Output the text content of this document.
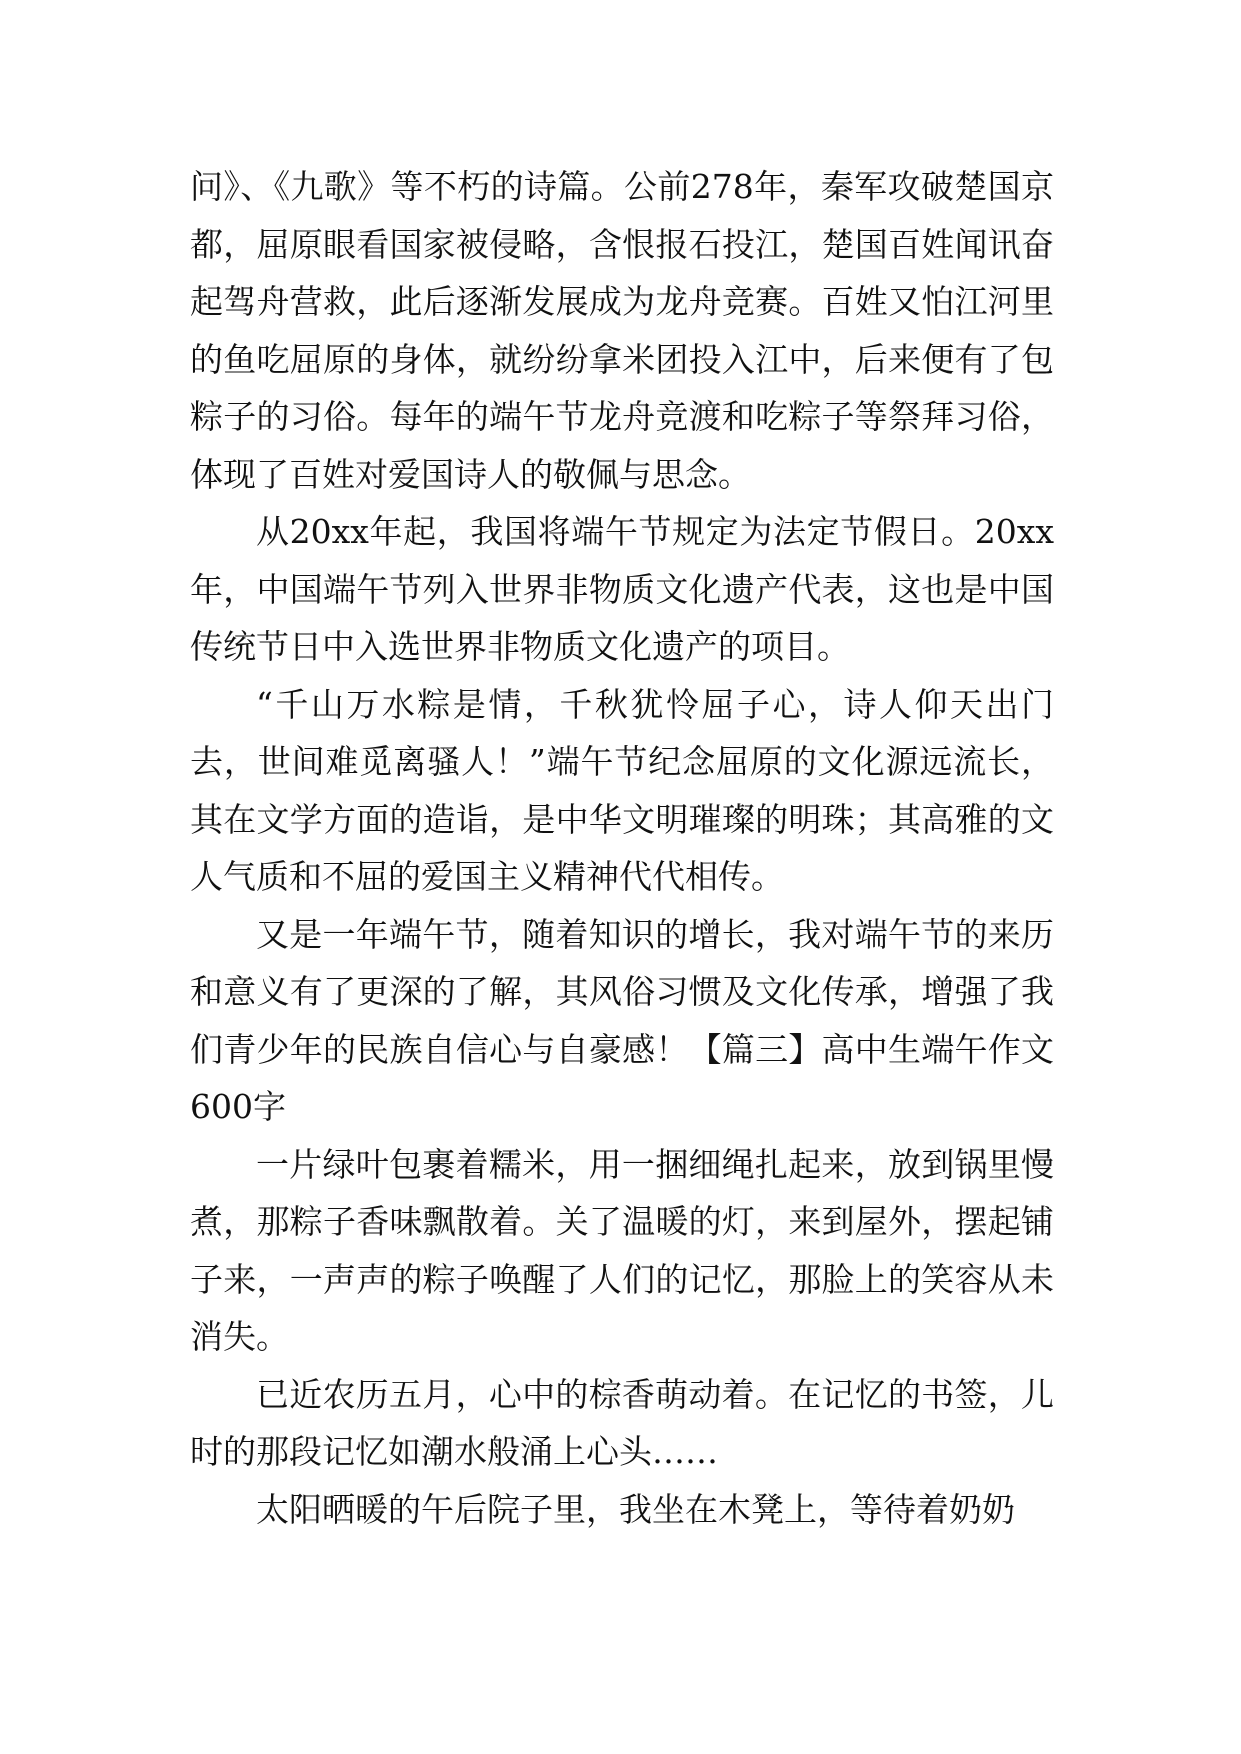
问》、《九歌》等不朽的诗篇。公前278年，秦军攻破楚国京都，屈原眼看国家被侵略，含恨报石投江，楚国百姓闻讯奋起驾舟营救，此后逐渐发展成为龙舟竞赛。百姓又怕江河里的鱼吃屈原的身体，就纷纷拿米团投入江中，后来便有了包粽子的习俗。每年的端午节龙舟竞渡和吃粽子等祭拜习俗，体现了百姓对爱国诗人的敬佩与思念。

从20xx年起，我国将端午节规定为法定节假日。20xx年，中国端午节列入世界非物质文化遗产代表，这也是中国传统节日中入选世界非物质文化遗产的项目。

“千山万水粽是情，千秋犹怜屈子心，诗人仰天出门去，世间难觅离骚人！”端午节纪念屈原的文化源远流长，其在文学方面的造诣，是中华文明璀璨的明珠；其高雅的文人气质和不屈的爱国主义精神代代相传。

又是一年端午节，随着知识的增长，我对端午节的来历和意义有了更深的了解，其风俗习惯及文化传承，增强了我们青少年的民族自信心与自豪感！【篇三】高中生端午作文600字

一片绿叶包裹着糯米，用一捆细绳扎起来，放到锅里慢煮，那粽子香味飘散着。关了温暖的灯，来到屋外，摆起铺子来，一声声的粽子唤醒了人们的记忆，那脸上的笑容从未消失。

已近农历五月，心中的棕香萌动着。在记忆的书签，儿时的那段记忆如潮水般涌上心头……

太阳晒暖的午后院子里，我坐在木凳上，等待着奶奶
